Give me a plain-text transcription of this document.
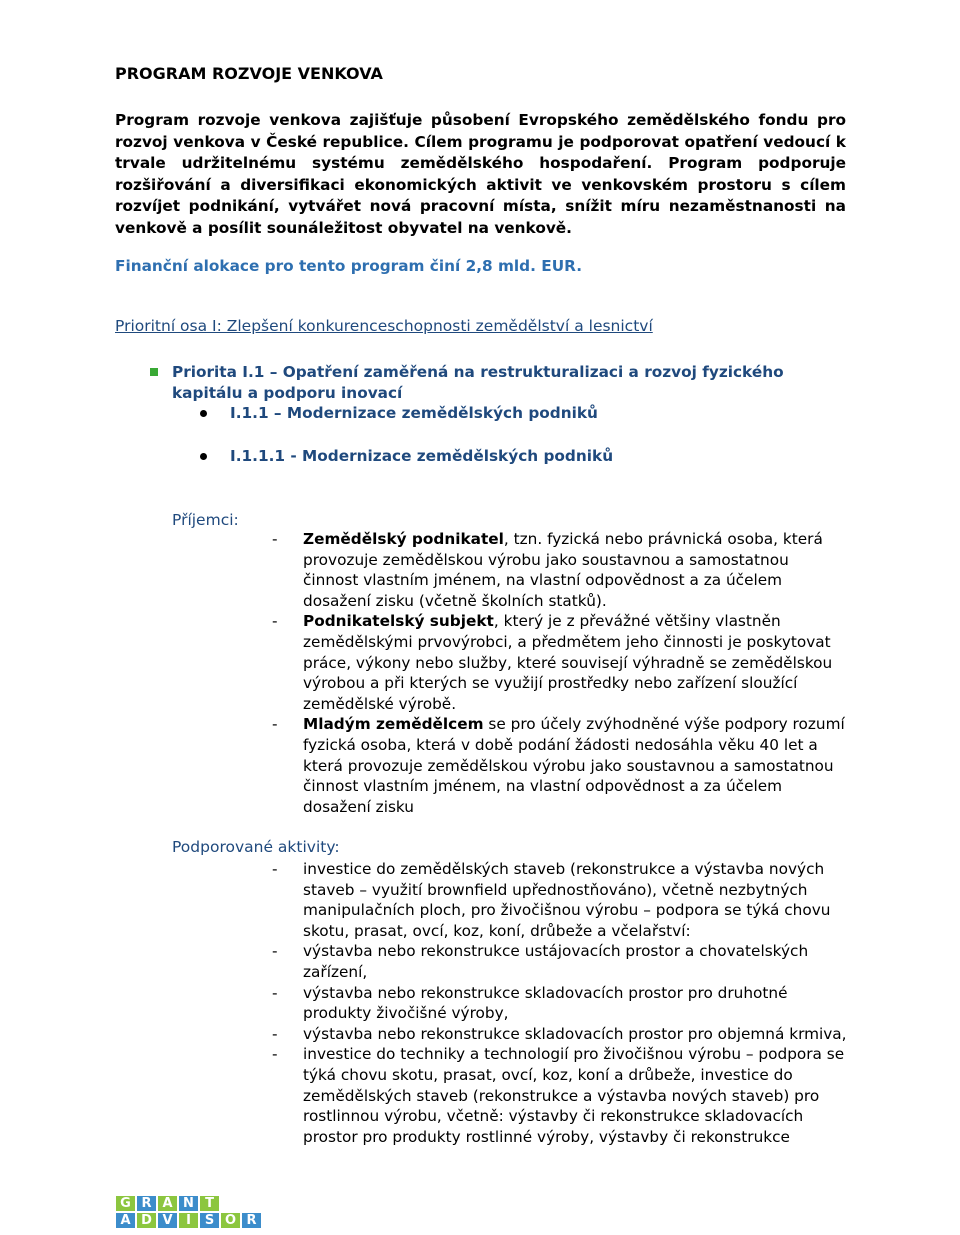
PROGRAM ROZVOJE VENKOVA
Program rozvoje venkova zajišťuje působení Evropského zemědělského fondu pro rozvoj venkova v České republice. Cílem programu je podporovat opatření vedoucí k trvale udržitelnému systému zemědělského hospodaření. Program podporuje rozšiřování a diversifikaci ekonomických aktivit ve venkovském prostoru s cílem rozvíjet podnikání, vytvářet nová pracovní místa, snížit míru nezaměstnanosti na venkově a posílit sounáležitost obyvatel na venkově.
Finanční alokace pro tento program činí 2,8 mld. EUR.
Prioritní osa I: Zlepšení konkurenceschopnosti zemědělství a lesnictví
Priorita I.1 – Opatření zaměřená na restrukturalizaci a rozvoj fyzického kapitálu a podporu inovací
I.1.1 – Modernizace zemědělských podniků
I.1.1.1 - Modernizace zemědělských podniků
Příjemci:
- Zemědělský podnikatel, tzn. fyzická nebo právnická osoba, která provozuje zemědělskou výrobu jako soustavnou a samostatnou činnost vlastním jménem, na vlastní odpovědnost a za účelem dosažení zisku (včetně školních statků).
- Podnikatelský subjekt, který je z převážné většiny vlastněn zemědělskými prvovýrobci, a předmětem jeho činnosti je poskytovat práce, výkony nebo služby, které souvisejí výhradně se zemědělskou výrobou a při kterých se využijí prostředky nebo zařízení sloužící zemědělské výrobě.
- Mladým zemědělcem se pro účely zvýhodněné výše podpory rozumí fyzická osoba, která v době podání žádosti nedosáhla věku 40 let a která provozuje zemědělskou výrobu jako soustavnou a samostatnou činnost vlastním jménem, na vlastní odpovědnost a za účelem dosažení zisku
Podporované aktivity:
- investice do zemědělských staveb (rekonstrukce a výstavba nových staveb – využití brownfield upřednostňováno), včetně nezbytných manipulačních ploch, pro živočišnou výrobu – podpora se týká chovu skotu, prasat, ovcí, koz, koní, drůbeže a včelařství:
- výstavba nebo rekonstrukce ustájovacích prostor a chovatelských zařízení,
- výstavba nebo rekonstrukce skladovacích prostor pro druhotné produkty živočišné výroby,
- výstavba nebo rekonstrukce skladovacích prostor pro objemná krmiva,
- investice do techniky a technologií pro živočišnou výrobu – podpora se týká chovu skotu, prasat, ovcí, koz, koní a drůbeže, investice do zemědělských staveb (rekonstrukce a výstavba nových staveb) pro rostlinnou výrobu, včetně: výstavby či rekonstrukce skladovacích prostor pro produkty rostlinné výroby, výstavby či rekonstrukce
G R A N T
A D V	I	S O R
